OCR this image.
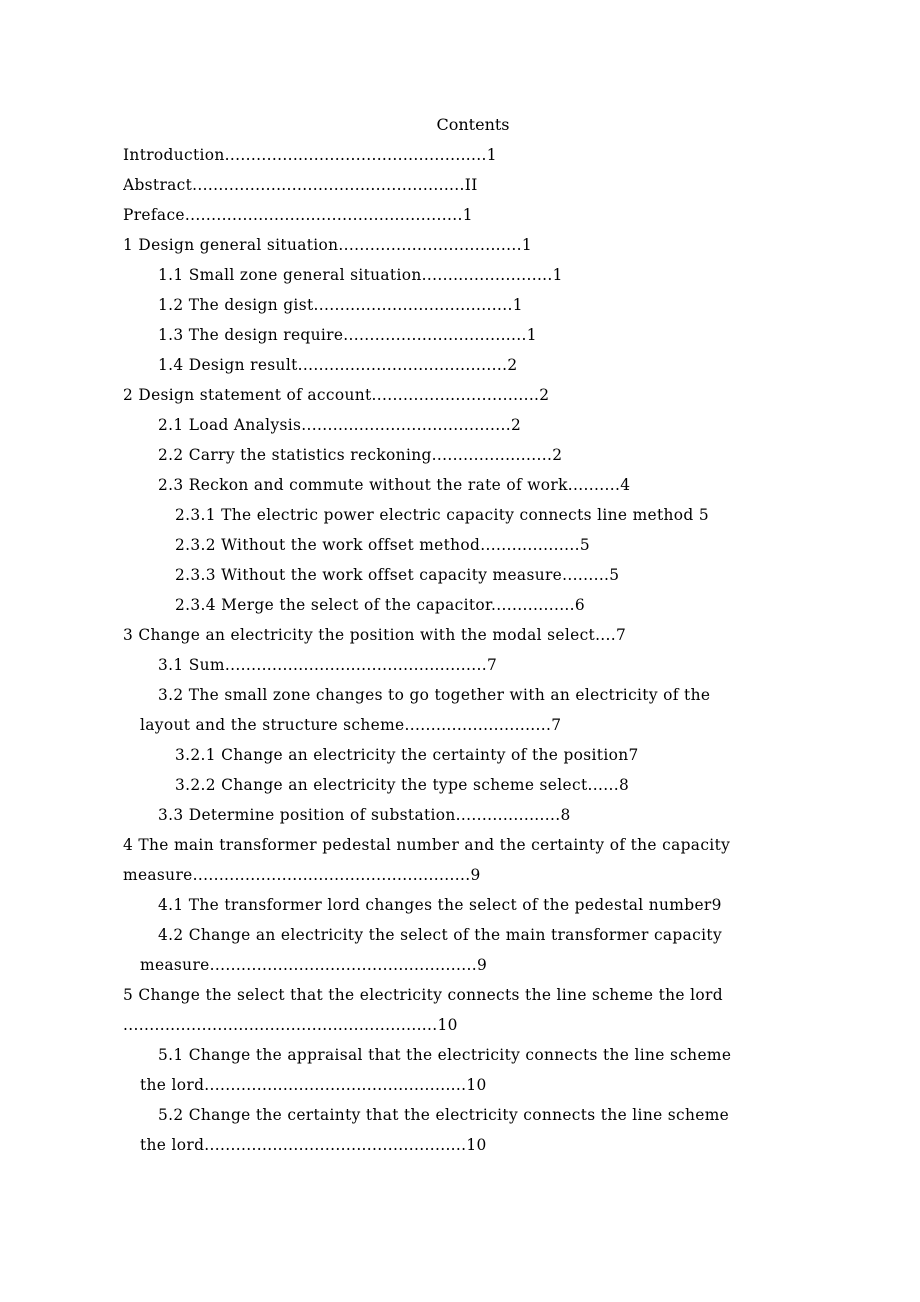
Contents
Introduction..................................................1
Abstract....................................................II
Preface.....................................................1
1 Design general situation...................................1
1.1 Small zone general situation.........................1
1.2 The design gist......................................1
1.3 The design require...................................1
1.4 Design result........................................2
2 Design statement of account................................2
2.1 Load Analysis........................................2
2.2 Carry the statistics reckoning.......................2
2.3 Reckon and commute without the rate of work..........4
2.3.1 The electric power electric capacity connects line method 5
2.3.2 Without the work offset method...................5
2.3.3 Without the work offset capacity measure.........5
2.3.4 Merge the select of the capacitor................6
3 Change an electricity the position with the modal select....7
3.1 Sum..................................................7
3.2 The small zone changes to go together with an electricity of the
layout and the structure scheme............................7
3.2.1 Change an electricity the certainty of the position7
3.2.2 Change an electricity the type scheme select......8
3.3 Determine position of substation....................8
4 The main transformer pedestal number and the certainty of the capacity
measure.....................................................9
4.1 The transformer lord changes the select of the pedestal number9
4.2 Change an electricity the select of the main transformer capacity
measure...................................................9
5 Change the select that the electricity connects the line scheme the lord
............................................................10
5.1 Change the appraisal that the electricity connects the line scheme
the lord..................................................10
5.2 Change the certainty that the electricity connects the line scheme
the lord..................................................10
